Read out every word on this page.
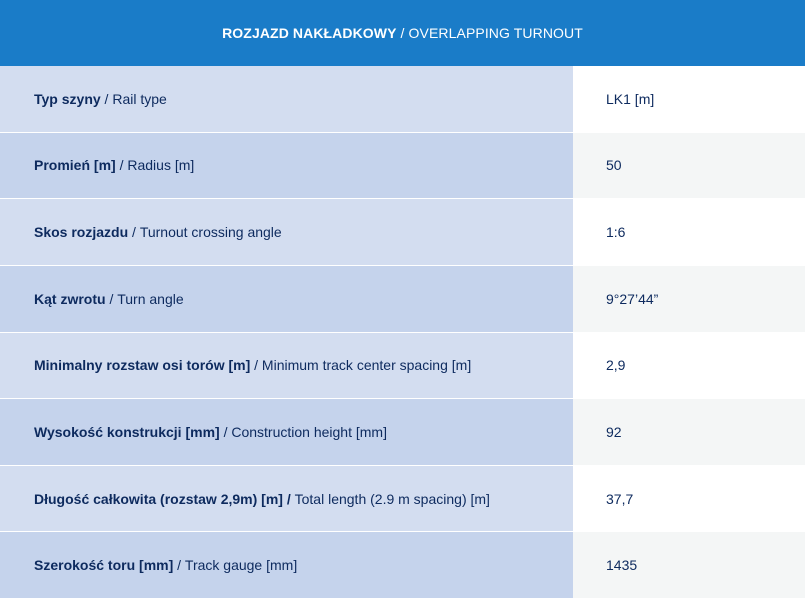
ROZJAZD NAKŁADKOWY / OVERLAPPING TURNOUT
Typ szyny / Rail type	LK1 [m]
Promień [m] / Radius [m]	50
Skos rozjazdu / Turnout crossing angle	1:6
Kąt zwrotu / Turn angle	9°27’44”
Minimalny rozstaw osi torów [m] / Minimum track center spacing [m]	2,9
Wysokość konstrukcji [mm] / Construction height [mm]	92
Długość całkowita (rozstaw 2,9m) [m] /
Total length (2.9 m spacing) [m]	37,7
Szerokość toru [mm] / Track gauge [mm]	1435
